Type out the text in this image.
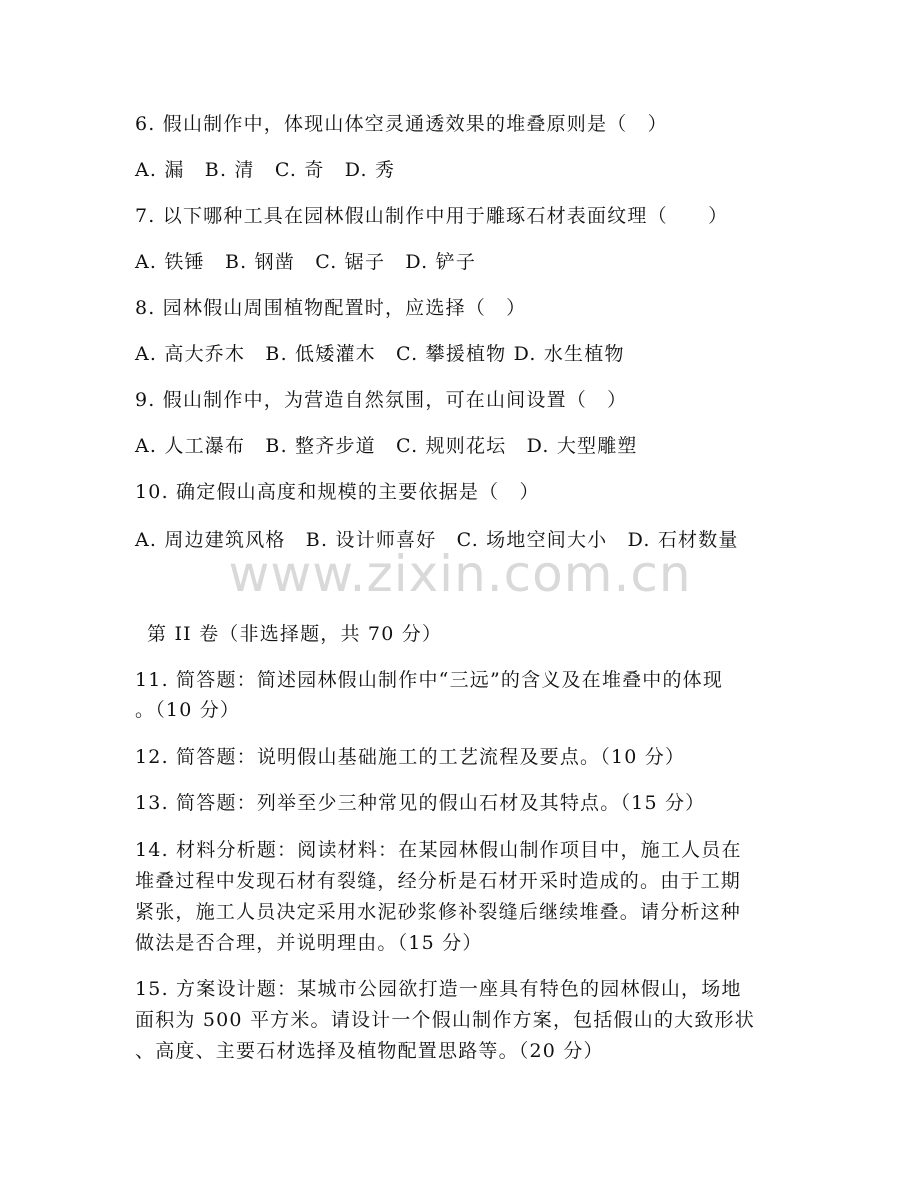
6. 假山制作中，体现山体空灵通透效果的堆叠原则是（　）
A. 漏　B. 清　C. 奇　D. 秀
7. 以下哪种工具在园林假山制作中用于雕琢石材表面纹理（　　）
A. 铁锤　B. 钢凿　C. 锯子　D. 铲子
8. 园林假山周围植物配置时，应选择（　）
A. 高大乔木　B. 低矮灌木　C. 攀援植物 D. 水生植物
9. 假山制作中，为营造自然氛围，可在山间设置（　）
A. 人工瀑布　B. 整齐步道　C. 规则花坛　D. 大型雕塑
10. 确定假山高度和规模的主要依据是（　）
A. 周边建筑风格　B. 设计师喜好　C. 场地空间大小　D. 石材数量
www.zixin.com.cn
第 II 卷（非选择题，共 70 分）
11. 简答题：简述园林假山制作中“三远”的含义及在堆叠中的体现
。（10 分）
12. 简答题：说明假山基础施工的工艺流程及要点。（10 分）
13. 简答题：列举至少三种常见的假山石材及其特点。（15 分）
14. 材料分析题：阅读材料：在某园林假山制作项目中，施工人员在
堆叠过程中发现石材有裂缝，经分析是石材开采时造成的。由于工期
紧张，施工人员决定采用水泥砂浆修补裂缝后继续堆叠。请分析这种
做法是否合理，并说明理由。（15 分）
15. 方案设计题：某城市公园欲打造一座具有特色的园林假山，场地
面积为 500 平方米。请设计一个假山制作方案，包括假山的大致形状
、高度、主要石材选择及植物配置思路等。（20 分）
